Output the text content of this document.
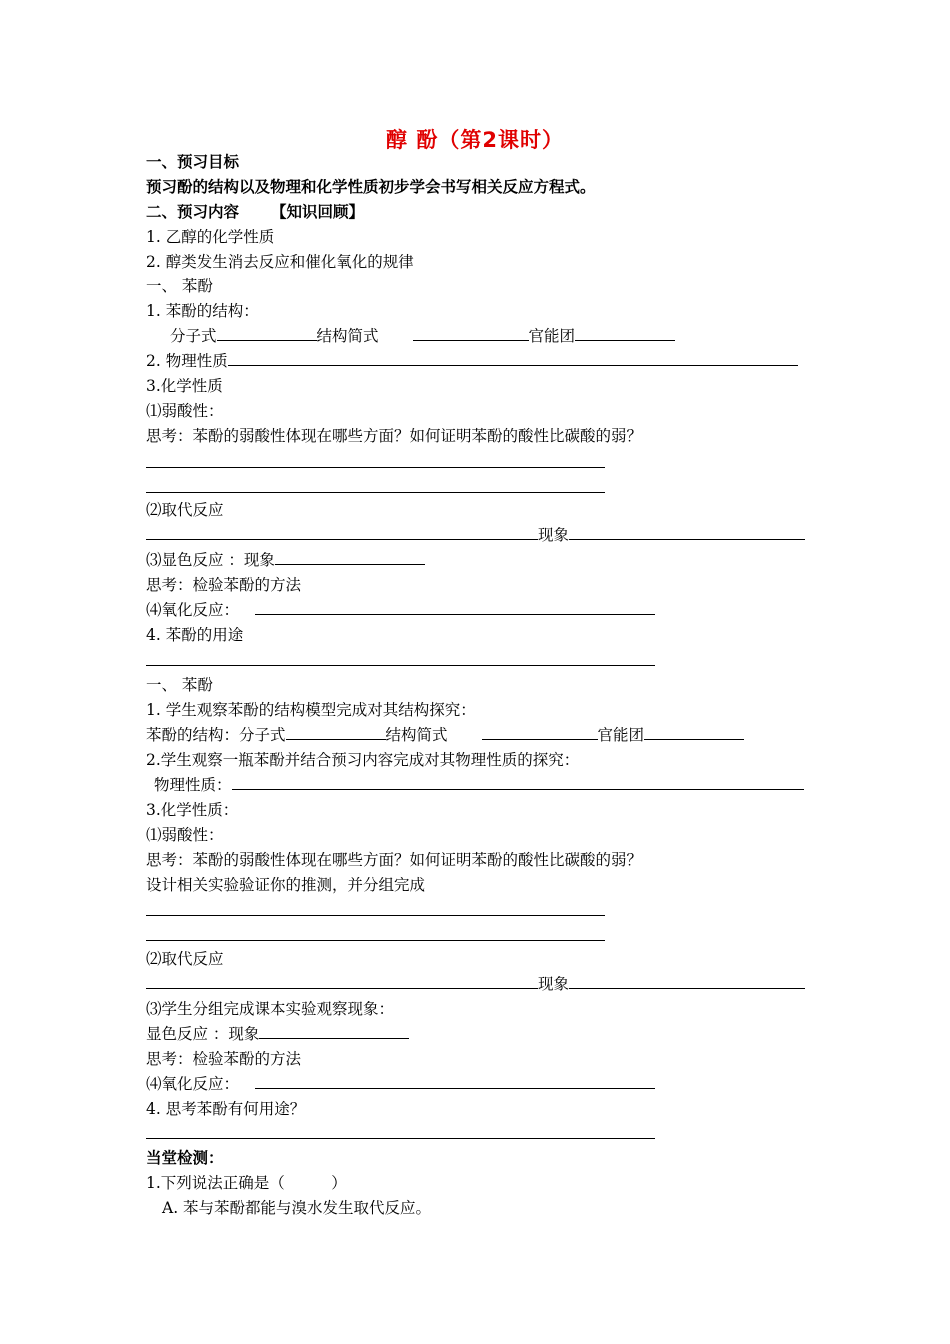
醇 酚（第2课时）
一、预习目标
预习酚的结构以及物理和化学性质初步学会书写相关反应方程式。
二、预习内容 【知识回顾】
1. 乙醇的化学性质
2. 醇类发生消去反应和催化氧化的规律
一、 苯酚
1. 苯酚的结构：
分子式	结构简式	官能团
2. 物理性质
3.化学性质
⑴弱酸性：
思考：苯酚的弱酸性体现在哪些方面？如何证明苯酚的酸性比碳酸的弱？
⑵取代反应
现象
⑶显色反应 ：现象
思考：检验苯酚的方法
⑷氧化反应：
4. 苯酚的用途
一、 苯酚
1. 学生观察苯酚的结构模型完成对其结构探究：
苯酚的结构：分子式	结构简式	官能团
2.学生观察一瓶苯酚并结合预习内容完成对其物理性质的探究：
物理性质：
3.化学性质：
⑴弱酸性：
思考：苯酚的弱酸性体现在哪些方面？如何证明苯酚的酸性比碳酸的弱？
设计相关实验验证你的推测，并分组完成
⑵取代反应
现象
⑶学生分组完成课本实验观察现象：
显色反应 ：现象
思考：检验苯酚的方法
⑷氧化反应：
4. 思考苯酚有何用途？
当堂检测：
1.下列说法正确是（　　　）
A. 苯与苯酚都能与溴水发生取代反应。
